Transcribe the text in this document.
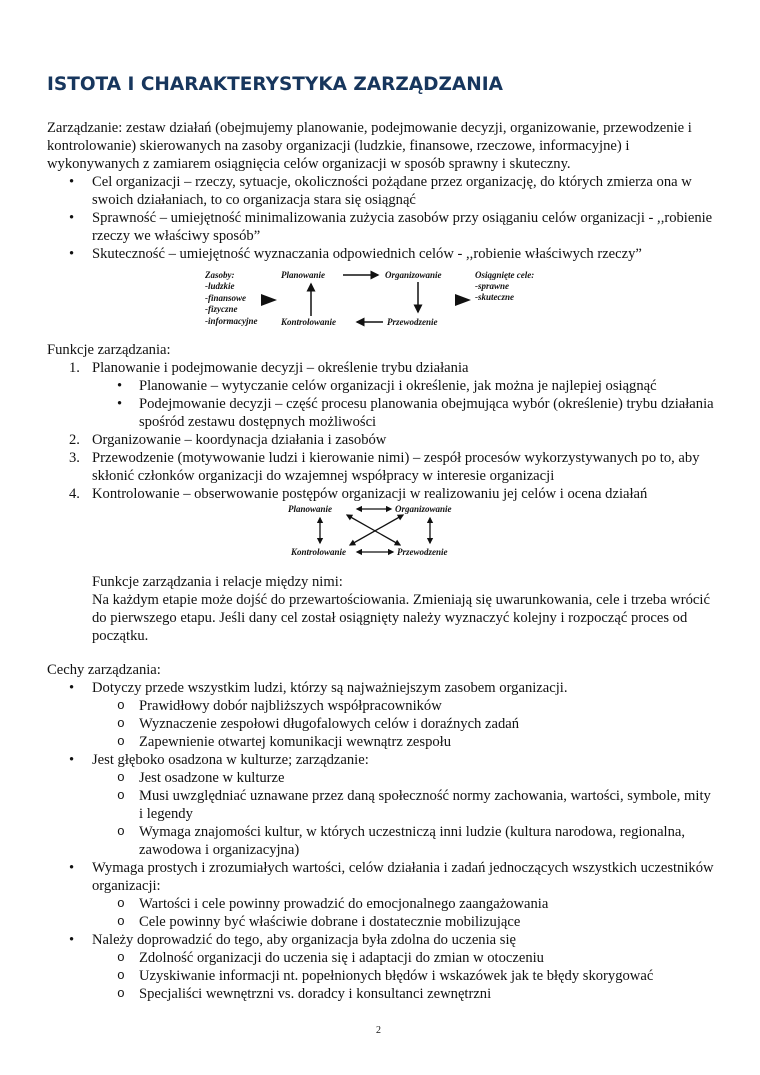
ISTOTA I CHARAKTERYSTYKA ZARZĄDZANIA

Zarządzanie: zestaw działań (obejmujemy planowanie, podejmowanie decyzji, organizowanie, przewodzenie i kontrolowanie) skierowanych na zasoby organizacji (ludzkie, finansowe, rzeczowe, informacyjne) i wykonywanych z zamiarem osiągnięcia celów organizacji w sposób sprawny i skuteczny.

• Cel organizacji – rzeczy, sytuacje, okoliczności pożądane przez organizację, do których zmierza ona w swoich działaniach, to co organizacja stara się osiągnąć
• Sprawność – umiejętność minimalizowania zużycia zasobów przy osiąganiu celów organizacji - ,,robienie rzeczy we właściwy sposób”
• Skuteczność – umiejętność wyznaczania odpowiednich celów - ,,robienie właściwych rzeczy”
Zasoby:
-ludzkie
-finansowe
-fizyczne
-informacyjne
Planowanie	Organizowanie
Przewodzenie
Kontrolowanie
Osiągnięte cele:
-sprawne
-skuteczne

Funkcje zarządzania:

1. Planowanie i podejmowanie decyzji – określenie trybu działania
• Planowanie – wytyczanie celów organizacji i określenie, jak można je najlepiej osiągnąć
• Podejmowanie decyzji – część procesu planowania obejmująca wybór (określenie) trybu działania spośród zestawu dostępnych możliwości
2. Organizowanie – koordynacja działania i zasobów
3. Przewodzenie (motywowanie ludzi i kierowanie nimi) – zespół procesów wykorzystywanych po to, aby skłonić członków organizacji do wzajemnej współpracy w interesie organizacji
4. Kontrolowanie – obserwowanie postępów organizacji w realizowaniu jej celów i ocena działań
Planowanie	Organizowanie
Kontrolowanie	Przewodzenie

Funkcje zarządzania i relacje między nimi:

Na każdym etapie może dojść do przewartościowania. Zmieniają się uwarunkowania, cele i trzeba wrócić do pierwszego etapu. Jeśli dany cel został osiągnięty należy wyznaczyć kolejny i rozpocząć proces od początku.

Cechy zarządzania:

• Dotyczy przede wszystkim ludzi, którzy są najważniejszym zasobem organizacji.
o Prawidłowy dobór najbliższych współpracowników
o Wyznaczenie zespołowi długofalowych celów i doraźnych zadań
o Zapewnienie otwartej komunikacji wewnątrz zespołu
• Jest głęboko osadzona w kulturze; zarządzanie:
o Jest osadzone w kulturze
o Musi uwzględniać uznawane przez daną społeczność normy zachowania, wartości, symbole, mity i legendy
o Wymaga znajomości kultur, w których uczestniczą inni ludzie (kultura narodowa, regionalna, zawodowa i organizacyjna)
• Wymaga prostych i zrozumiałych wartości, celów działania i zadań jednoczących wszystkich uczestników organizacji:
o Wartości i cele powinny prowadzić do emocjonalnego zaangażowania
o Cele powinny być właściwie dobrane i dostatecznie mobilizujące
• Należy doprowadzić do tego, aby organizacja była zdolna do uczenia się
o Zdolność organizacji do uczenia się i adaptacji do zmian w otoczeniu
o Uzyskiwanie informacji nt. popełnionych błędów i wskazówek jak te błędy skorygować
o Specjaliści wewnętrzni vs. doradcy i konsultanci zewnętrzni
2
